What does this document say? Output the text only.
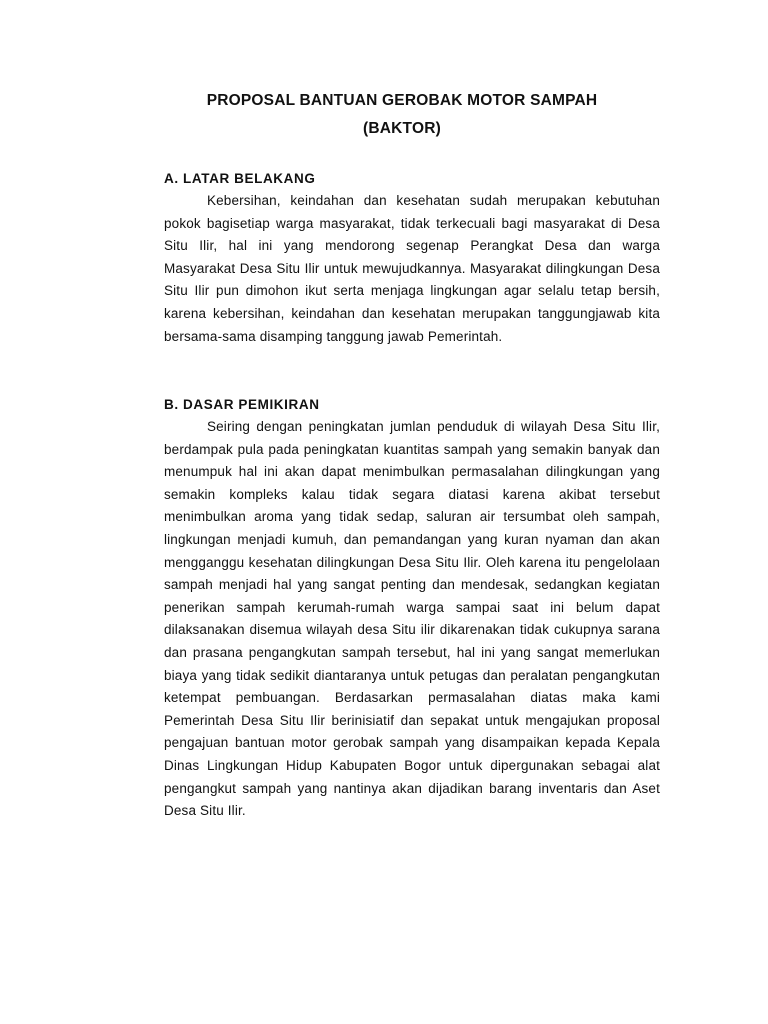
PROPOSAL BANTUAN GEROBAK MOTOR SAMPAH
(BAKTOR)
A. LATAR BELAKANG

Kebersihan, keindahan dan kesehatan sudah merupakan kebutuhan pokok bagisetiap warga masyarakat, tidak terkecuali bagi masyarakat di Desa Situ Ilir, hal ini yang mendorong segenap Perangkat Desa dan warga Masyarakat Desa Situ Ilir untuk mewujudkannya. Masyarakat dilingkungan Desa Situ Ilir pun dimohon ikut serta menjaga lingkungan agar selalu tetap bersih, karena kebersihan, keindahan dan kesehatan merupakan tanggungjawab kita bersama-sama disamping tanggung jawab Pemerintah.

B. DASAR PEMIKIRAN

Seiring dengan peningkatan jumlan penduduk di wilayah Desa Situ Ilir, berdampak pula pada peningkatan kuantitas sampah yang semakin banyak dan menumpuk hal ini akan dapat menimbulkan permasalahan dilingkungan yang semakin kompleks kalau tidak segara diatasi karena akibat tersebut menimbulkan aroma yang tidak sedap, saluran air tersumbat oleh sampah, lingkungan menjadi kumuh, dan pemandangan yang kuran nyaman dan akan mengganggu kesehatan dilingkungan Desa Situ Ilir. Oleh karena itu pengelolaan sampah menjadi hal yang sangat penting dan mendesak, sedangkan kegiatan penerikan sampah kerumah-rumah warga sampai saat ini belum dapat dilaksanakan disemua wilayah desa Situ ilir dikarenakan tidak cukupnya sarana dan prasana pengangkutan sampah tersebut, hal ini yang sangat memerlukan biaya yang tidak sedikit diantaranya untuk petugas dan peralatan pengangkutan ketempat pembuangan. Berdasarkan permasalahan diatas maka kami Pemerintah Desa Situ Ilir berinisiatif dan sepakat untuk mengajukan proposal pengajuan bantuan motor gerobak sampah yang disampaikan kepada Kepala Dinas Lingkungan Hidup Kabupaten Bogor untuk dipergunakan sebagai alat pengangkut sampah yang nantinya akan dijadikan barang inventaris dan Aset Desa Situ Ilir.
